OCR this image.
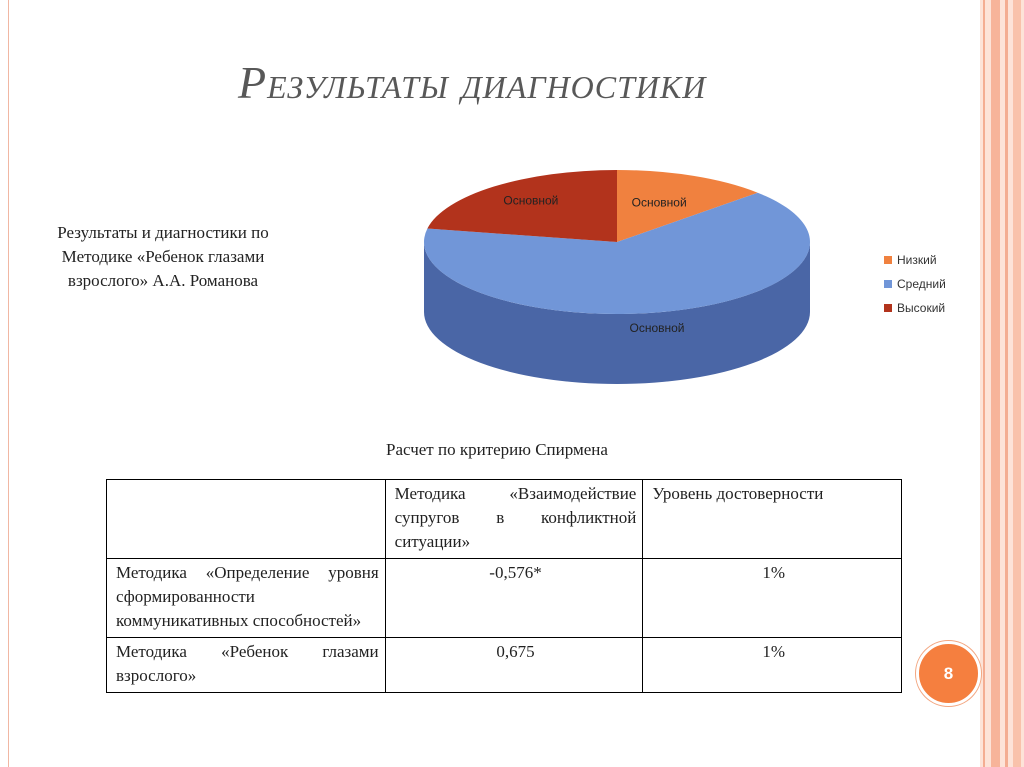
Результаты диагностики
Результаты и диагностики по Методике «Ребенок глазами взрослого» А.А. Романова
Основной
Основной
Основной
Низкий
Средний
Высокий
Расчет по критерию Спирмена
	Методика «Взаимодействие супругов в конфликтной ситуации»	Уровень достоверности
Методика «Определение уровня сформированности коммуникативных способностей»	-0,576*	1%
Методика «Ребенок глазами взрослого»	0,675	1%
8
